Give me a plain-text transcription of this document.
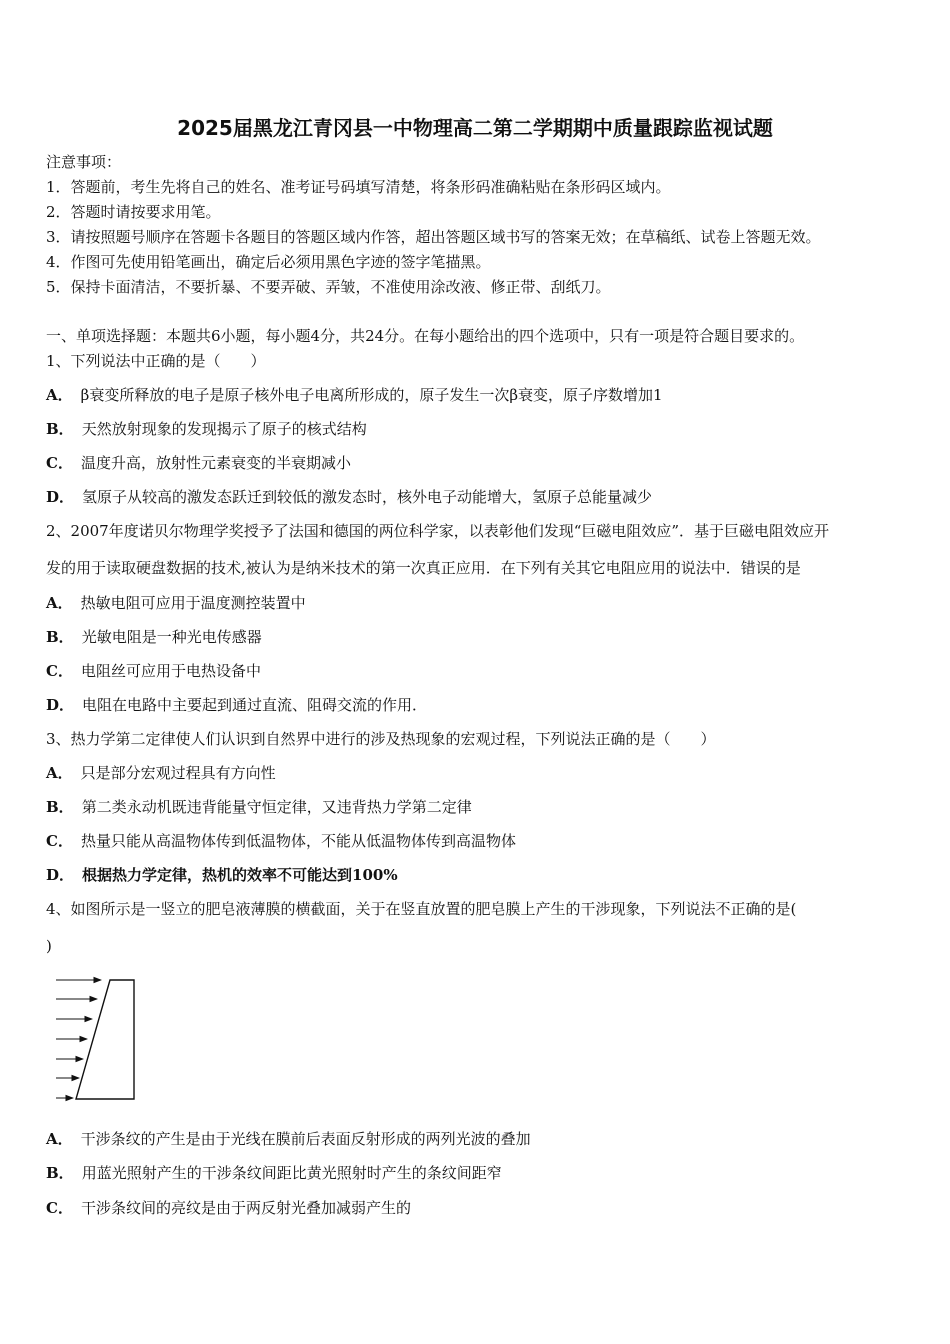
2025届黑龙江青冈县一中物理高二第二学期期中质量跟踪监视试题
注意事项：
1．答题前，考生先将自己的姓名、准考证号码填写清楚，将条形码准确粘贴在条形码区域内。
2．答题时请按要求用笔。
3．请按照题号顺序在答题卡各题目的答题区域内作答，超出答题区域书写的答案无效；在草稿纸、试卷上答题无效。
4．作图可先使用铅笔画出，确定后必须用黑色字迹的签字笔描黑。
5．保持卡面清洁，不要折暴、不要弄破、弄皱，不准使用涂改液、修正带、刮纸刀。
一、单项选择题：本题共6小题，每小题4分，共24分。在每小题给出的四个选项中，只有一项是符合题目要求的。
1、下列说法中正确的是（　　）
A． β衰变所释放的电子是原子核外电子电离所形成的，原子发生一次β衰变，原子序数增加1
B． 天然放射现象的发现揭示了原子的核式结构
C． 温度升高，放射性元素衰变的半衰期减小
D． 氢原子从较高的激发态跃迁到较低的激发态时，核外电子动能增大，氢原子总能量减少
2、2007年度诺贝尔物理学奖授予了法国和德国的两位科学家，以表彰他们发现“巨磁电阻效应”．基于巨磁电阻效应开
发的用于读取硬盘数据的技术,被认为是纳米技术的第一次真正应用．在下列有关其它电阻应用的说法中．错误的是
A． 热敏电阻可应用于温度测控装置中
B． 光敏电阻是一种光电传感器
C． 电阻丝可应用于电热设备中
D． 电阻在电路中主要起到通过直流、阻碍交流的作用．
3、热力学第二定律使人们认识到自然界中进行的涉及热现象的宏观过程，下列说法正确的是（　　）
A． 只是部分宏观过程具有方向性
B． 第二类永动机既违背能量守恒定律，又违背热力学第二定律
C． 热量只能从高温物体传到低温物体，不能从低温物体传到高温物体
D． 根据热力学定律，热机的效率不可能达到100%
4、如图所示是一竖立的肥皂液薄膜的横截面，关于在竖直放置的肥皂膜上产生的干涉现象，下列说法不正确的是(
)
A． 干涉条纹的产生是由于光线在膜前后表面反射形成的两列光波的叠加
B． 用蓝光照射产生的干涉条纹间距比黄光照射时产生的条纹间距窄
C． 干涉条纹间的亮纹是由于两反射光叠加减弱产生的
